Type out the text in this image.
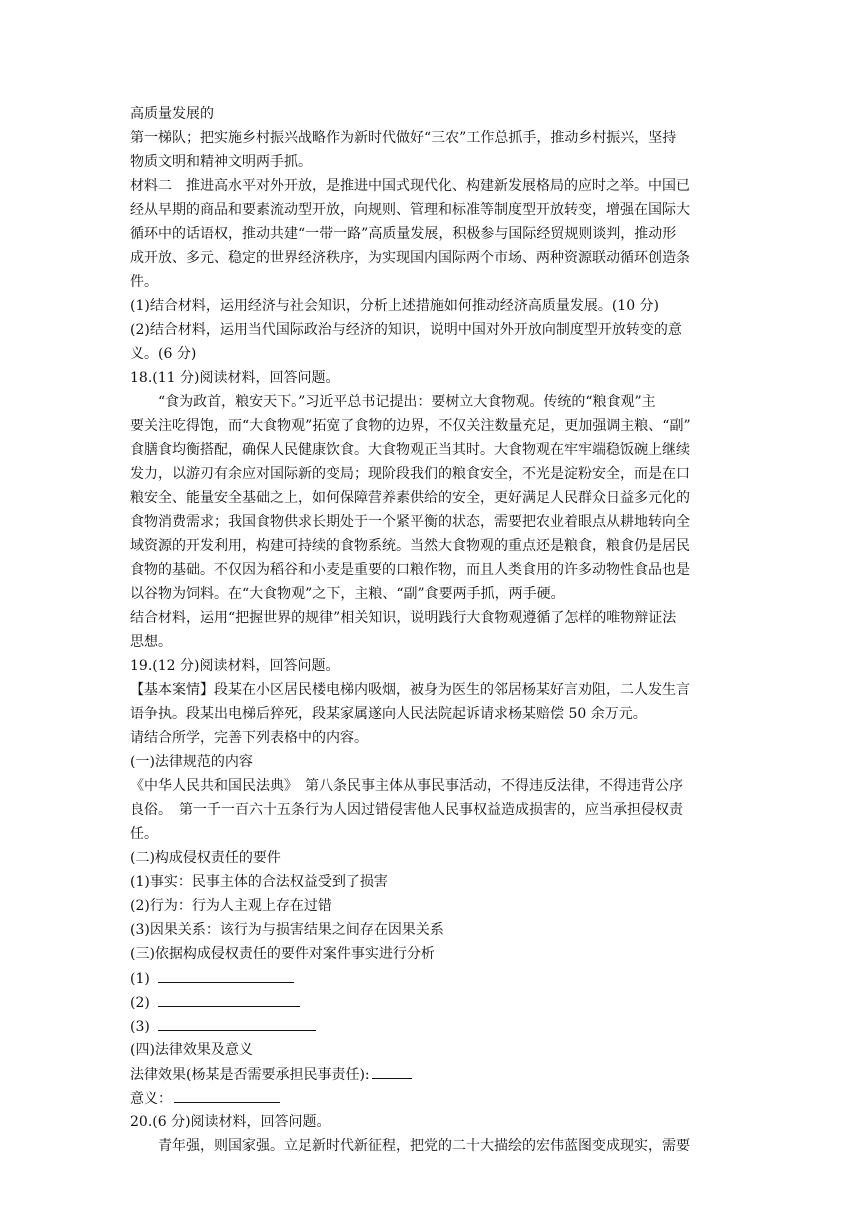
高质量发展的
第一梯队；把实施乡村振兴战略作为新时代做好“三农”工作总抓手，推动乡村振兴，坚持
物质文明和精神文明两手抓。
材料二　推进高水平对外开放，是推进中国式现代化、构建新发展格局的应时之举。中国已
经从早期的商品和要素流动型开放，向规则、管理和标准等制度型开放转变，增强在国际大
循环中的话语权，推动共建“一带一路”高质量发展，积极参与国际经贸规则谈判，推动形
成开放、多元、稳定的世界经济秩序，为实现国内国际两个市场、两种资源联动循环创造条
件。
(1)结合材料，运用经济与社会知识，分析上述措施如何推动经济高质量发展。(10 分)
(2)结合材料，运用当代国际政治与经济的知识，说明中国对外开放向制度型开放转变的意
义。(6 分)
18.(11 分)阅读材料，回答问题。
“食为政首，粮安天下。”习近平总书记提出：要树立大食物观。传统的“粮食观”主
要关注吃得饱，而“大食物观”拓宽了食物的边界，不仅关注数量充足，更加强调主粮、“副”
食膳食均衡搭配，确保人民健康饮食。大食物观正当其时。大食物观在牢牢端稳饭碗上继续
发力，以游刃有余应对国际新的变局；现阶段我们的粮食安全，不光是淀粉安全，而是在口
粮安全、能量安全基础之上，如何保障营养素供给的安全，更好满足人民群众日益多元化的
食物消费需求；我国食物供求长期处于一个紧平衡的状态，需要把农业着眼点从耕地转向全
域资源的开发利用，构建可持续的食物系统。当然大食物观的重点还是粮食，粮食仍是居民
食物的基础。不仅因为稻谷和小麦是重要的口粮作物，而且人类食用的许多动物性食品也是
以谷物为饲料。在“大食物观”之下，主粮、“副”食要两手抓，两手硬。
结合材料，运用“把握世界的规律”相关知识，说明践行大食物观遵循了怎样的唯物辩证法
思想。
19.(12 分)阅读材料，回答问题。
【基本案情】段某在小区居民楼电梯内吸烟，被身为医生的邻居杨某好言劝阻，二人发生言
语争执。段某出电梯后猝死，段某家属遂向人民法院起诉请求杨某赔偿 50 余万元。
请结合所学，完善下列表格中的内容。
(一)法律规范的内容
《中华人民共和国民法典》　第八条民事主体从事民事活动，不得违反法律，不得违背公序
良俗。　第一千一百六十五条行为人因过错侵害他人民事权益造成损害的，应当承担侵权责
任。
(二)构成侵权责任的要件
(1)事实：民事主体的合法权益受到了损害
(2)行为：行为人主观上存在过错
(3)因果关系：该行为与损害结果之间存在因果关系
(三)依据构成侵权责任的要件对案件事实进行分析
(1)
(2)
(3)
(四)法律效果及意义
法律效果(杨某是否需要承担民事责任):
意义：
20.(6 分)阅读材料，回答问题。
青年强，则国家强。立足新时代新征程，把党的二十大描绘的宏伟蓝图变成现实，需要
